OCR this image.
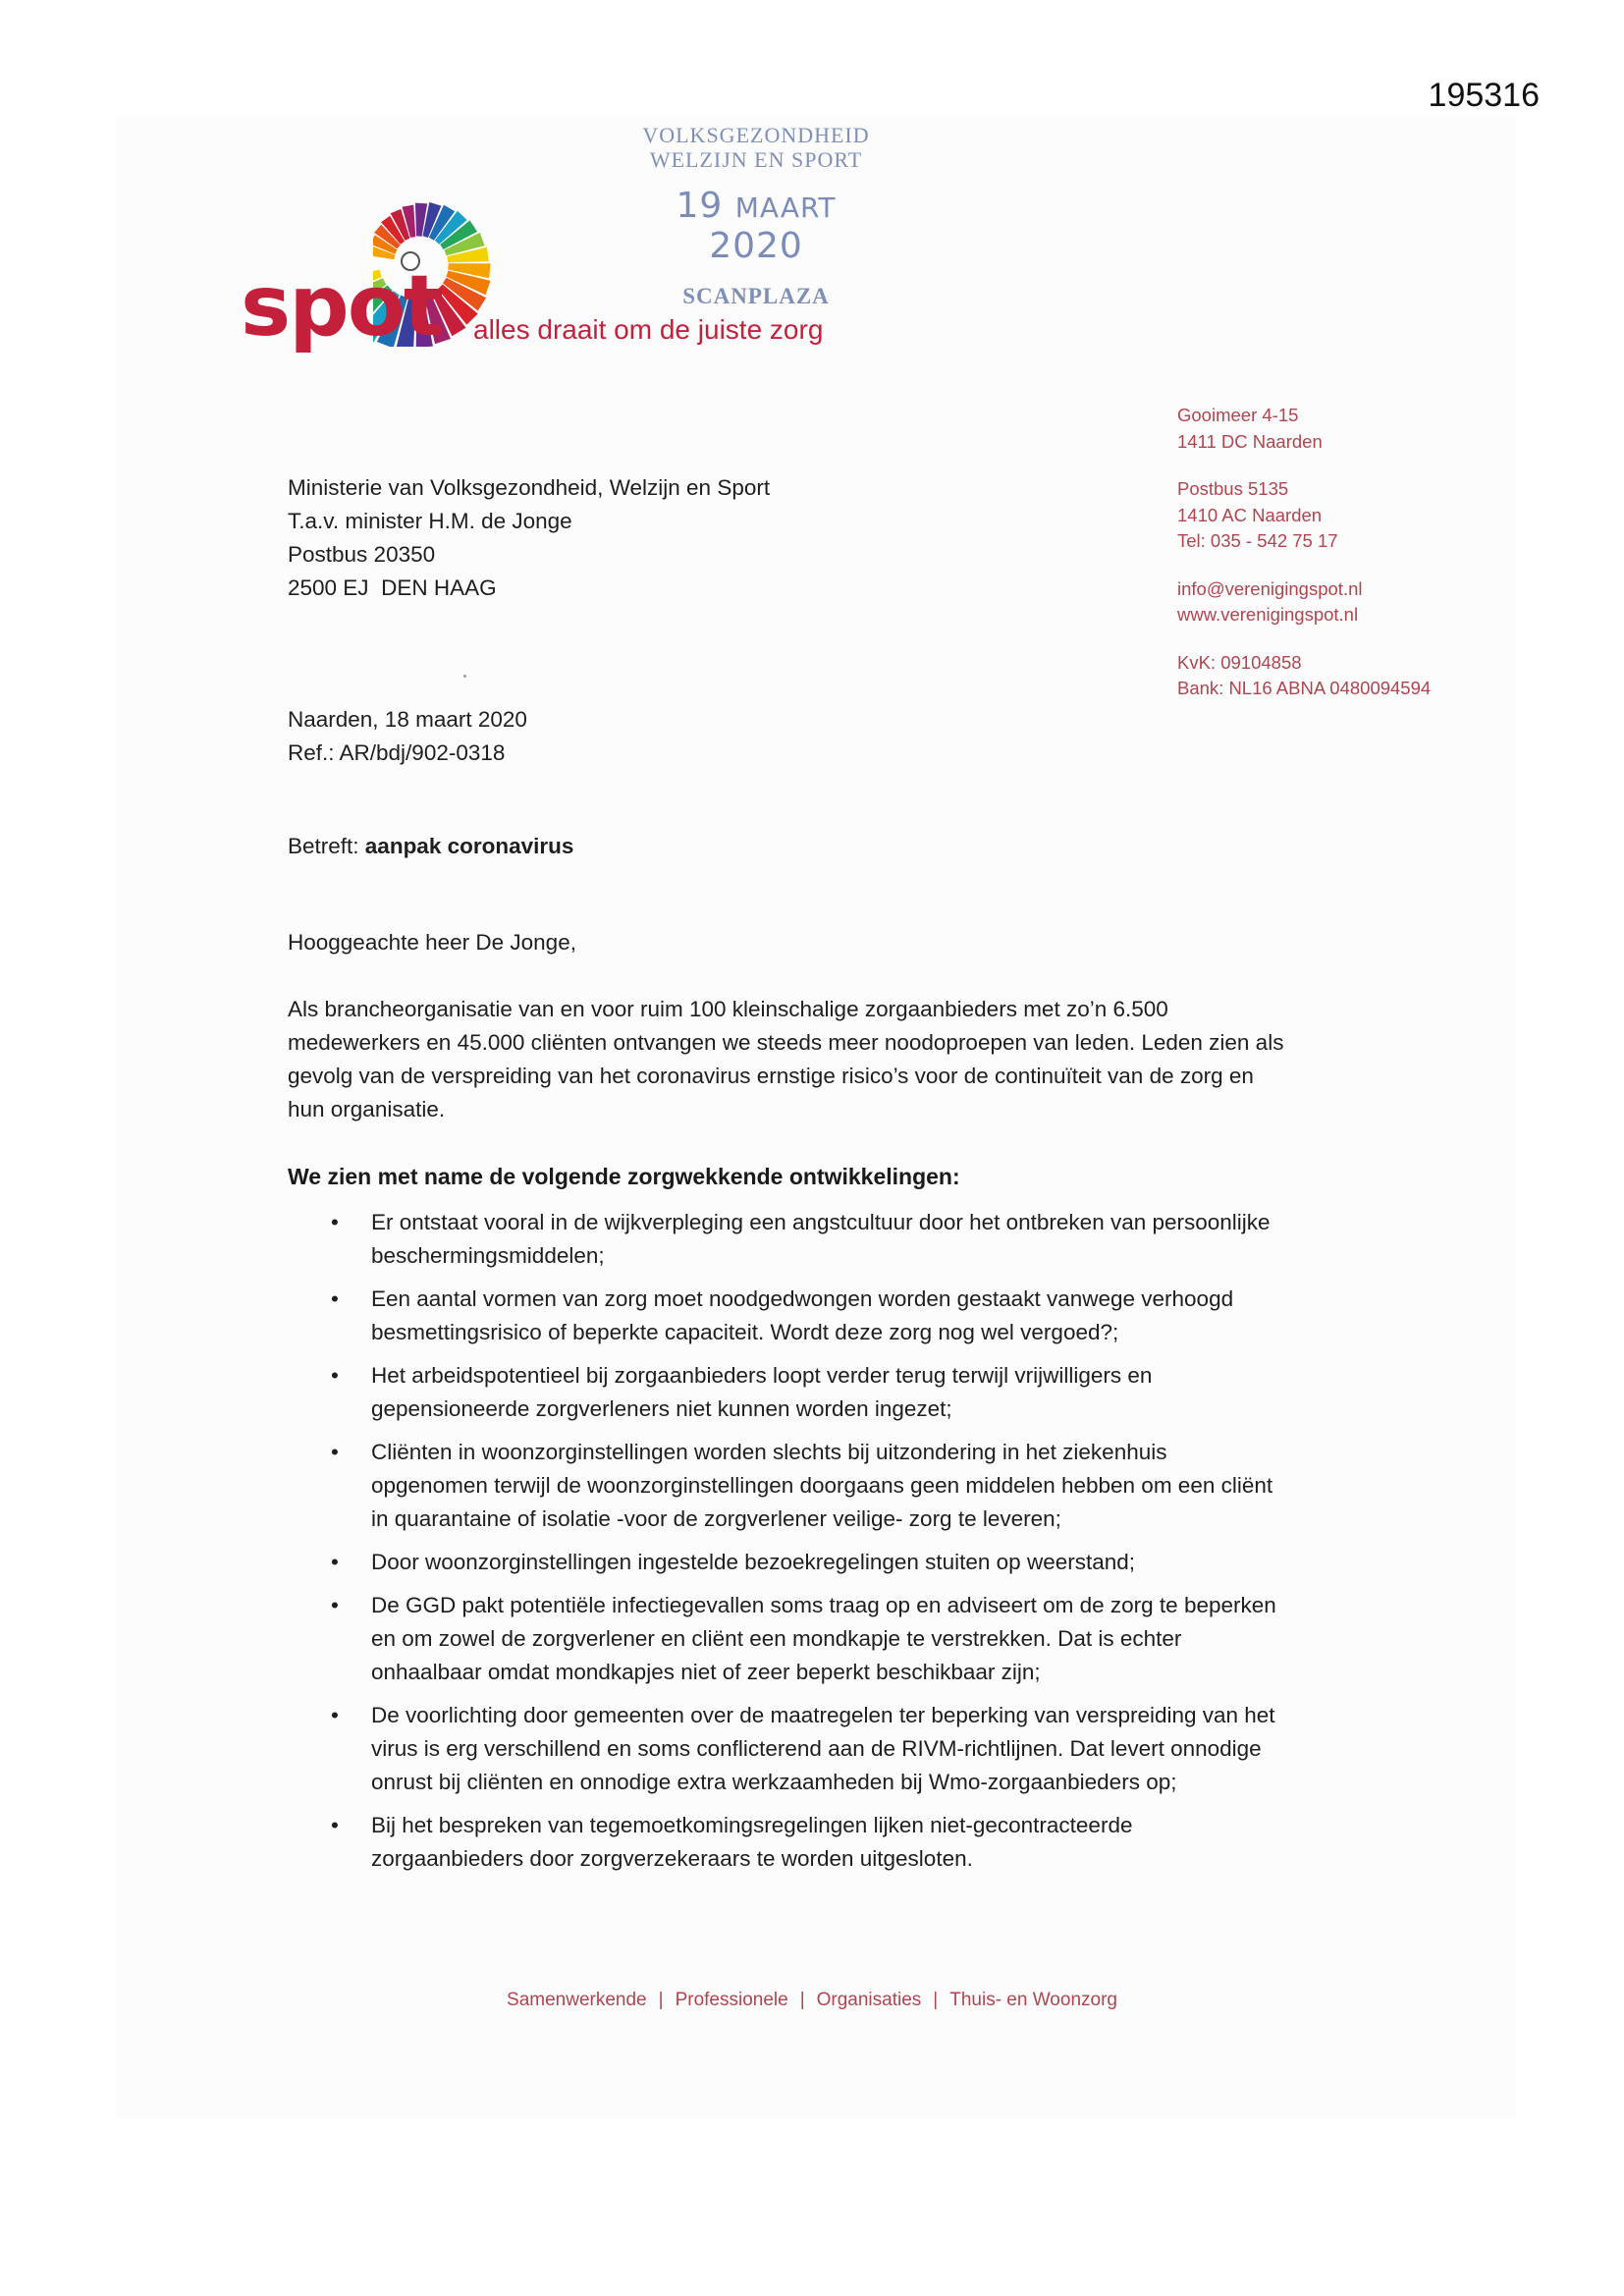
195316
VOLKSGEZONDHEID
WELZIJN EN SPORT
19 MAART 2020
SCANPLAZA
spot alles draait om de juiste zorg
Gooimeer 4-15
1411 DC Naarden
Postbus 5135
1410 AC Naarden
Tel: 035 - 542 75 17
info@verenigingspot.nl
www.verenigingspot.nl
KvK: 09104858
Bank: NL16 ABNA 0480094594
Ministerie van Volksgezondheid, Welzijn en Sport
T.a.v. minister H.M. de Jonge
Postbus 20350
2500 EJ  DEN HAAG
Naarden, 18 maart 2020
Ref.: AR/bdj/902-0318
Betreft: aanpak coronavirus
Hooggeachte heer De Jonge,
Als brancheorganisatie van en voor ruim 100 kleinschalige zorgaanbieders met zo’n 6.500
medewerkers en 45.000 cliënten ontvangen we steeds meer noodoproepen van leden. Leden zien als
gevolg van de verspreiding van het coronavirus ernstige risico’s voor de continuïteit van de zorg en
hun organisatie.
We zien met name de volgende zorgwekkende ontwikkelingen:
• Er ontstaat vooral in de wijkverpleging een angstcultuur door het ontbreken van persoonlijke
beschermingsmiddelen;
• Een aantal vormen van zorg moet noodgedwongen worden gestaakt vanwege verhoogd
besmettingsrisico of beperkte capaciteit. Wordt deze zorg nog wel vergoed?;
• Het arbeidspotentieel bij zorgaanbieders loopt verder terug terwijl vrijwilligers en
gepensioneerde zorgverleners niet kunnen worden ingezet;
• Cliënten in woonzorginstellingen worden slechts bij uitzondering in het ziekenhuis
opgenomen terwijl de woonzorginstellingen doorgaans geen middelen hebben om een cliënt
in quarantaine of isolatie -voor de zorgverlener veilige- zorg te leveren;
• Door woonzorginstellingen ingestelde bezoekregelingen stuiten op weerstand;
• De GGD pakt potentiële infectiegevallen soms traag op en adviseert om de zorg te beperken
en om zowel de zorgverlener en cliënt een mondkapje te verstrekken. Dat is echter
onhaalbaar omdat mondkapjes niet of zeer beperkt beschikbaar zijn;
• De voorlichting door gemeenten over de maatregelen ter beperking van verspreiding van het
virus is erg verschillend en soms conflicterend aan de RIVM-richtlijnen. Dat levert onnodige
onrust bij cliënten en onnodige extra werkzaamheden bij Wmo-zorgaanbieders op;
• Bij het bespreken van tegemoetkomingsregelingen lijken niet-gecontracteerde
zorgaanbieders door zorgverzekeraars te worden uitgesloten.
Samenwerkende | Professionele | Organisaties | Thuis- en Woonzorg
